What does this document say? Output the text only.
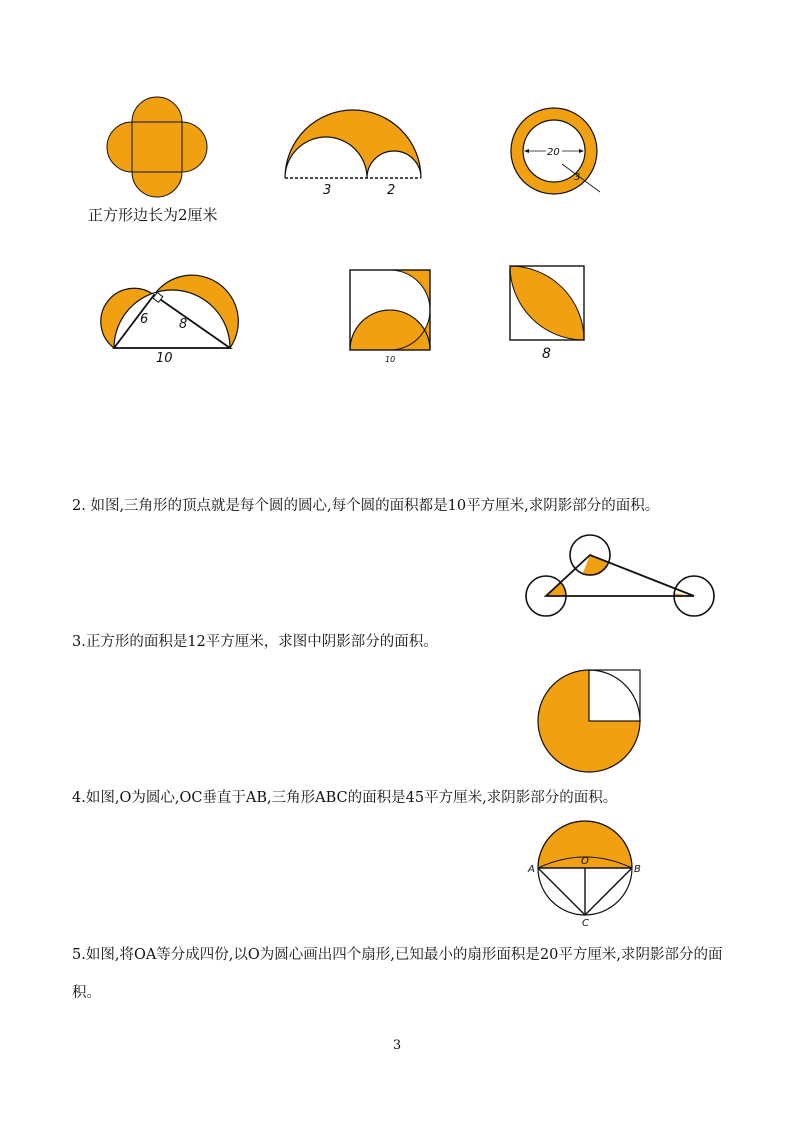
正方形边长为2厘米
3	2
20
3
6 8
10	10	8
2. 如图,三角形的顶点就是每个圆的圆心,每个圆的面积都是10平方厘米,求阴影部分的面积。
3.正方形的面积是12平方厘米，求图中阴影部分的面积。
4.如图,O为圆心,OC垂直于AB,三角形ABC的面积是45平方厘米,求阴影部分的面积。
A
O
B
C
5.如图,将OA等分成四份,以O为圆心画出四个扇形,已知最小的扇形面积是20平方厘米,求阴影部分的面积。
3
